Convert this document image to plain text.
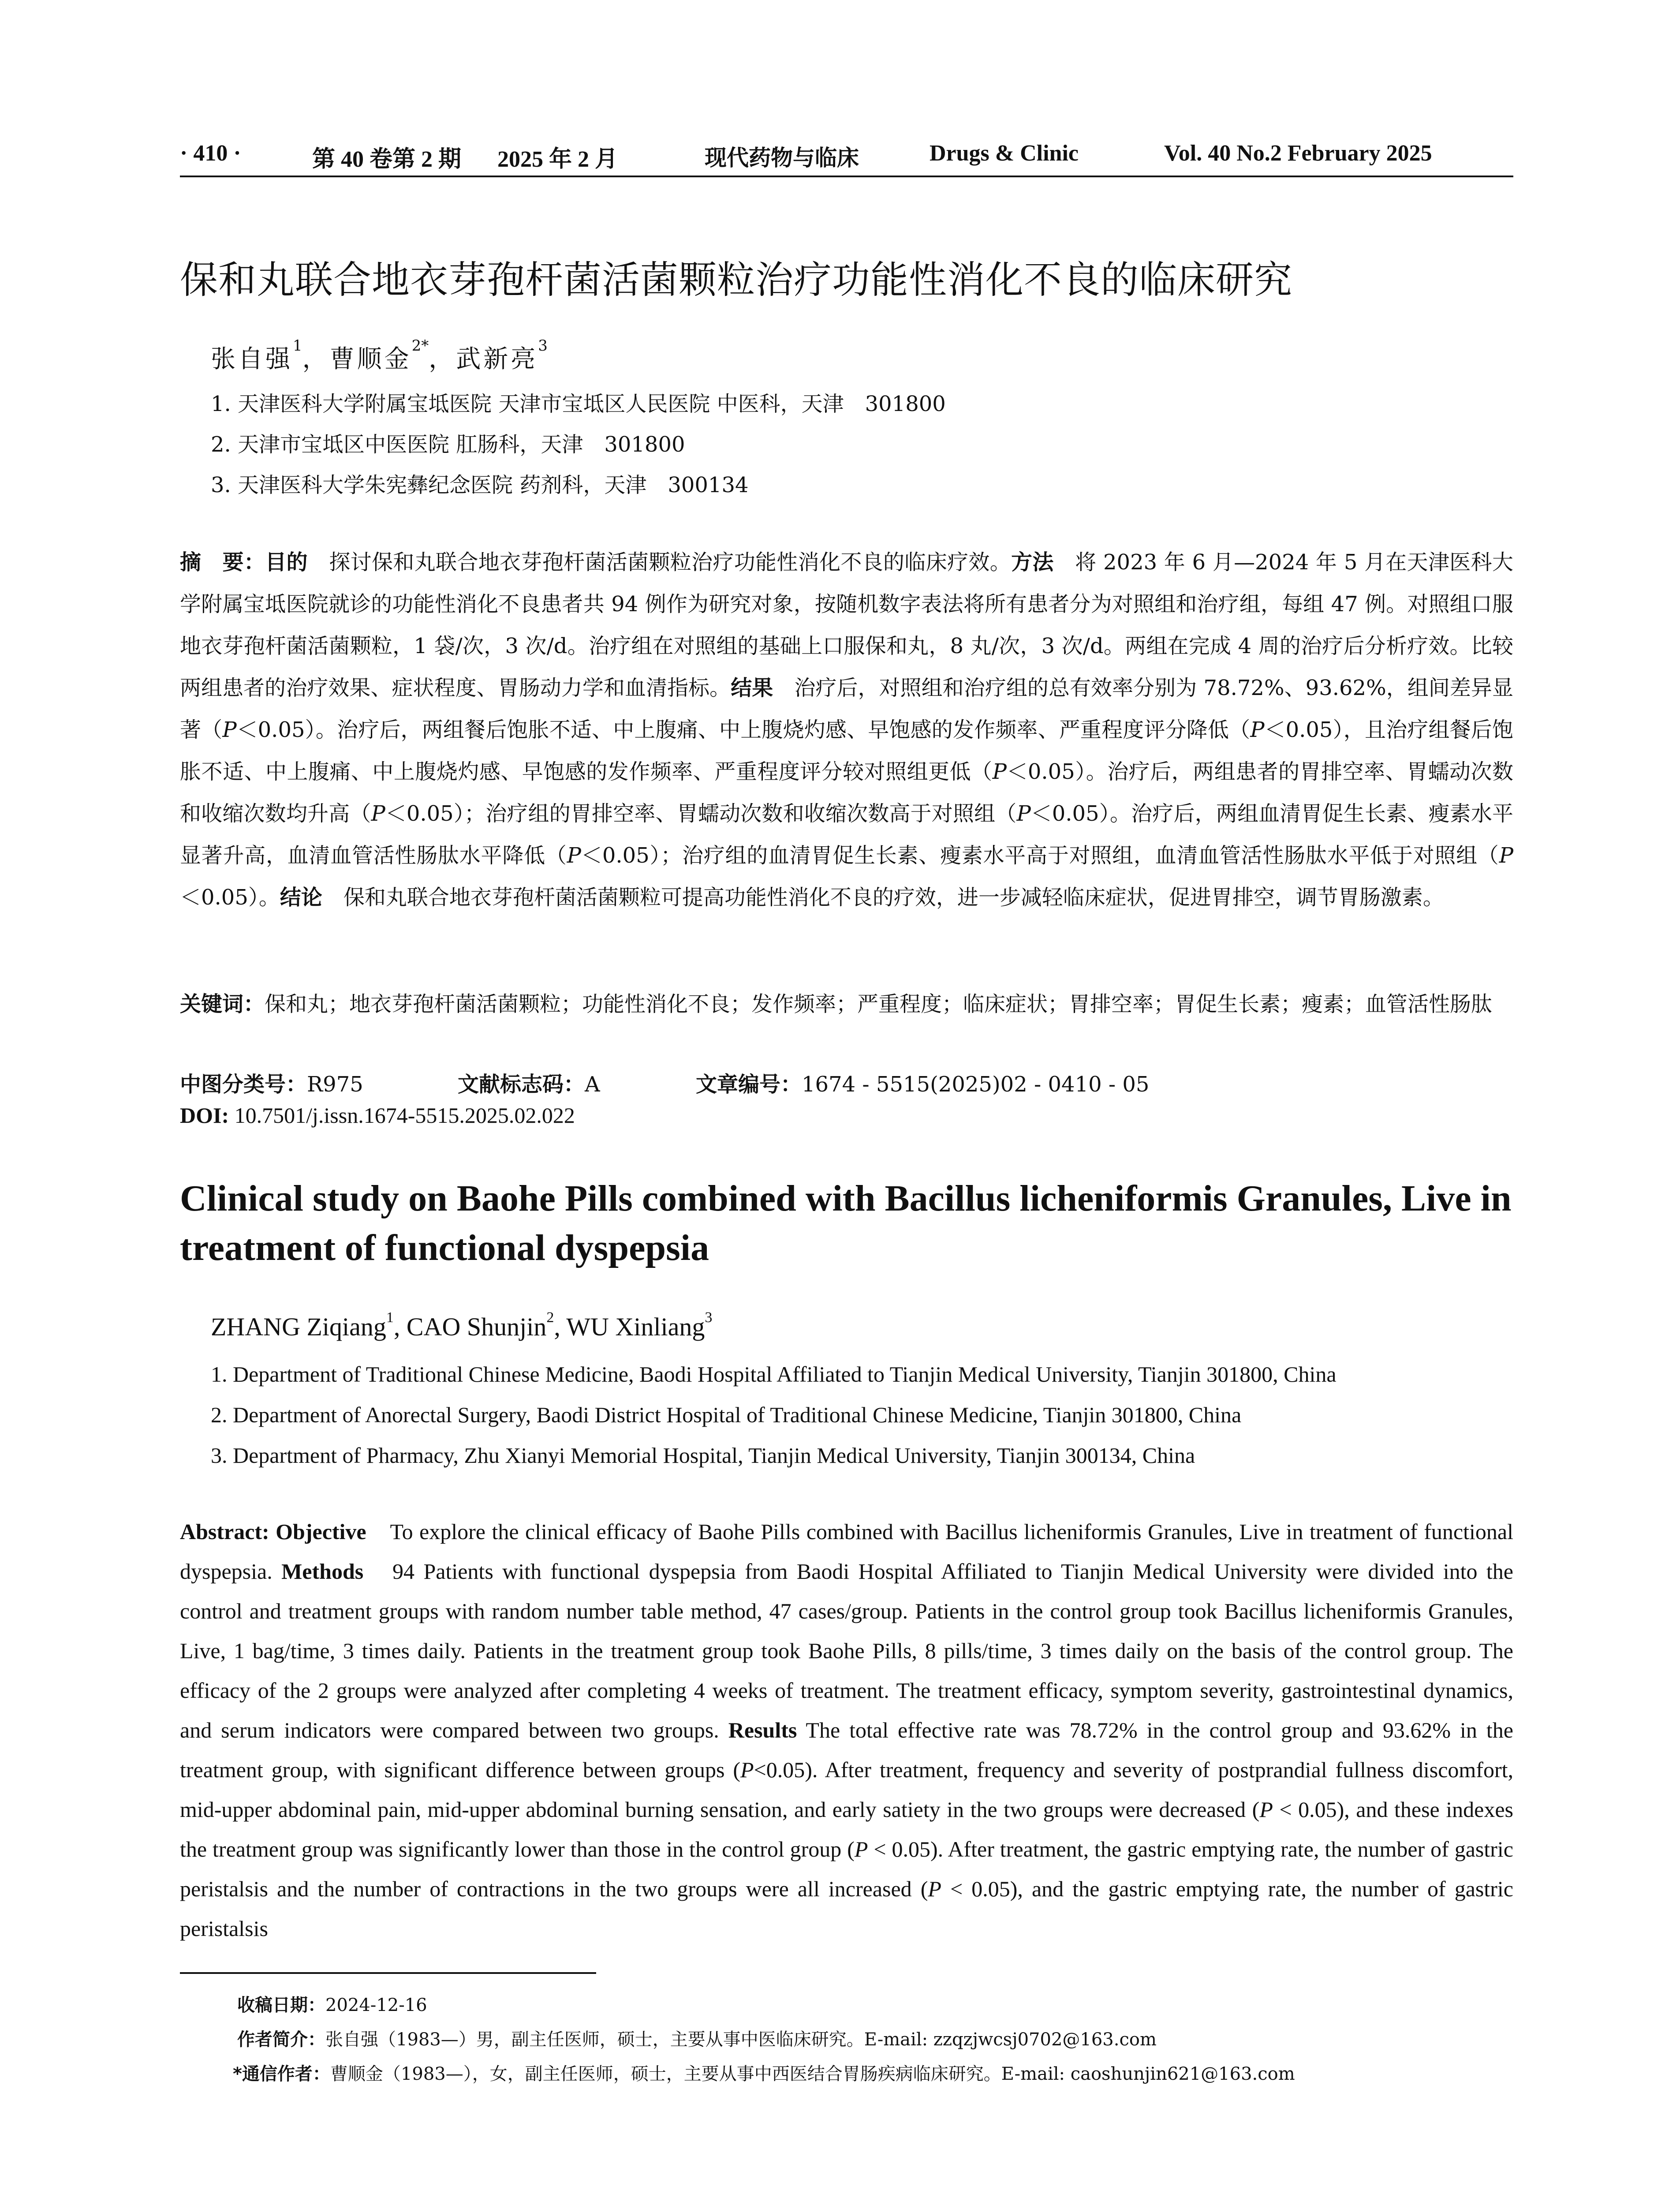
· 410 ·	第 40 卷第 2 期 2025 年 2 月	现代药物与临床	Drugs & Clinic	Vol. 40 No.2 February 2025
保和丸联合地衣芽孢杆菌活菌颗粒治疗功能性消化不良的临床研究
张自强$^1$，曹顺金$^{2*}$，武新亮$^3$
1. 天津医科大学附属宝坻医院 天津市宝坻区人民医院 中医科，天津　301800
2. 天津市宝坻区中医医院 肛肠科，天津　301800
3. 天津医科大学朱宪彝纪念医院 药剂科，天津　300134
摘　要：目的　探讨保和丸联合地衣芽孢杆菌活菌颗粒治疗功能性消化不良的临床疗效。方法　将 2023 年 6 月—2024 年 5 月在天津医科大学附属宝坻医院就诊的功能性消化不良患者共 94 例作为研究对象，按随机数字表法将所有患者分为对照组和治疗组，每组 47 例。对照组口服地衣芽孢杆菌活菌颗粒，1 袋/次，3 次/d。治疗组在对照组的基础上口服保和丸，8 丸/次，3 次/d。两组在完成 4 周的治疗后分析疗效。比较两组患者的治疗效果、症状程度、胃肠动力学和血清指标。结果　治疗后，对照组和治疗组的总有效率分别为 78.72%、93.62%，组间差异显著（P＜0.05）。治疗后，两组餐后饱胀不适、中上腹痛、中上腹烧灼感、早饱感的发作频率、严重程度评分降低（P＜0.05），且治疗组餐后饱胀不适、中上腹痛、中上腹烧灼感、早饱感的发作频率、严重程度评分较对照组更低（P＜0.05）。治疗后，两组患者的胃排空率、胃蠕动次数和收缩次数均升高（P＜0.05）；治疗组的胃排空率、胃蠕动次数和收缩次数高于对照组（P＜0.05）。治疗后，两组血清胃促生长素、瘦素水平显著升高，血清血管活性肠肽水平降低（P＜0.05）；治疗组的血清胃促生长素、瘦素水平高于对照组，血清血管活性肠肽水平低于对照组（P＜0.05）。结论　保和丸联合地衣芽孢杆菌活菌颗粒可提高功能性消化不良的疗效，进一步减轻临床症状，促进胃排空，调节胃肠激素。
关键词：保和丸；地衣芽孢杆菌活菌颗粒；功能性消化不良；发作频率；严重程度；临床症状；胃排空率；胃促生长素；瘦素；血管活性肠肽
中图分类号：R975	文献标志码：A	文章编号：1674 - 5515(2025)02 - 0410 - 05
DOI: 10.7501/j.issn.1674-5515.2025.02.022
Clinical study on Baohe Pills combined with Bacillus licheniformis Granules, Live in treatment of functional dyspepsia
ZHANG Ziqiang$^1$, CAO Shunjin$^2$, WU Xinliang$^3$
1. Department of Traditional Chinese Medicine, Baodi Hospital Affiliated to Tianjin Medical University, Tianjin 301800, China
2. Department of Anorectal Surgery, Baodi District Hospital of Traditional Chinese Medicine, Tianjin 301800, China
3. Department of Pharmacy, Zhu Xianyi Memorial Hospital, Tianjin Medical University, Tianjin 300134, China
Abstract: Objective　To explore the clinical efficacy of Baohe Pills combined with Bacillus licheniformis Granules, Live in treatment of functional dyspepsia. Methods　94 Patients with functional dyspepsia from Baodi Hospital Affiliated to Tianjin Medical University were divided into the control and treatment groups with random number table method, 47 cases/group. Patients in the control group took Bacillus licheniformis Granules, Live, 1 bag/time, 3 times daily. Patients in the treatment group took Baohe Pills, 8 pills/time, 3 times daily on the basis of the control group. The efficacy of the 2 groups were analyzed after completing 4 weeks of treatment. The treatment efficacy, symptom severity, gastrointestinal dynamics, and serum indicators were compared between two groups. Results The total effective rate was 78.72% in the control group and 93.62% in the treatment group, with significant difference between groups (P<0.05). After treatment, frequency and severity of postprandial fullness discomfort, mid-upper abdominal pain, mid-upper abdominal burning sensation, and early satiety in the two groups were decreased (P < 0.05), and these indexes the treatment group was significantly lower than those in the control group (P < 0.05). After treatment, the gastric emptying rate, the number of gastric peristalsis and the number of contractions in the two groups were all increased (P < 0.05), and the gastric emptying rate, the number of gastric peristalsis
收稿日期：2024-12-16
作者简介：张自强（1983—）男，副主任医师，硕士，主要从事中医临床研究。E-mail: zzqzjwcsj0702@163.com
*通信作者：曹顺金（1983—），女，副主任医师，硕士，主要从事中西医结合胃肠疾病临床研究。E-mail: caoshunjin621@163.com
